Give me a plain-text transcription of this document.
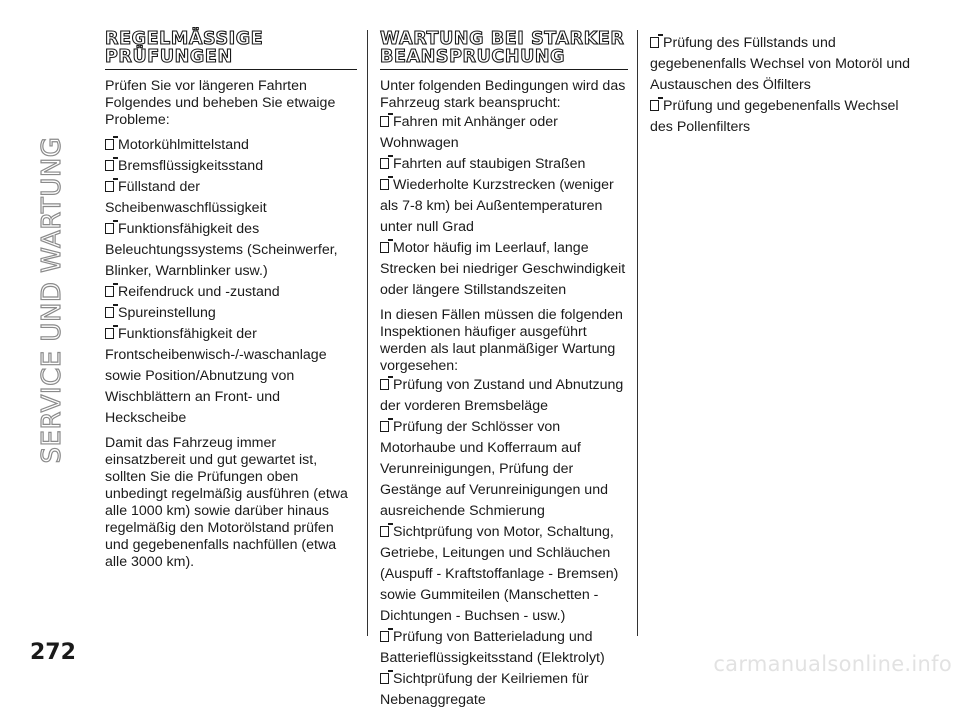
SERVICE UND WARTUNG
272
REGELMÄSSIGE PRÜFUNGEN

Prüfen Sie vor längeren Fahrten Folgendes und beheben Sie etwaige Probleme:

Motorkühlmittelstand
Bremsflüssigkeitsstand
Füllstand der Scheibenwaschflüssigkeit
Funktionsfähigkeit des Beleuchtungssystems (Scheinwerfer, Blinker, Warnblinker usw.)
Reifendruck und -zustand
Spureinstellung
Funktionsfähigkeit der Frontscheibenwisch-/-waschanlage sowie Position/Abnutzung von Wischblättern an Front- und Heckscheibe

Damit das Fahrzeug immer einsatzbereit und gut gewartet ist, sollten Sie die Prüfungen oben unbedingt regelmäßig ausführen (etwa alle 1000 km) sowie darüber hinaus regelmäßig den Motorölstand prüfen und gegebenenfalls nachfüllen (etwa alle 3000 km).

WARTUNG BEI STARKER BEANSPRUCHUNG

Unter folgenden Bedingungen wird das Fahrzeug stark beansprucht:

Fahren mit Anhänger oder Wohnwagen
Fahrten auf staubigen Straßen
Wiederholte Kurzstrecken (weniger als 7-8 km) bei Außentemperaturen unter null Grad
Motor häufig im Leerlauf, lange Strecken bei niedriger Geschwindigkeit oder längere Stillstandszeiten

In diesen Fällen müssen die folgenden Inspektionen häufiger ausgeführt werden als laut planmäßiger Wartung vorgesehen:

Prüfung von Zustand und Abnutzung der vorderen Bremsbeläge
Prüfung der Schlösser von Motorhaube und Kofferraum auf Verunreinigungen, Prüfung der Gestänge auf Verunreinigungen und ausreichende Schmierung
Sichtprüfung von Motor, Schaltung, Getriebe, Leitungen und Schläuchen (Auspuff - Kraftstoffanlage - Bremsen) sowie Gummiteilen (Manschetten - Dichtungen - Buchsen - usw.)
Prüfung von Batterieladung und Batterieflüssigkeitsstand (Elektrolyt)
Sichtprüfung der Keilriemen für Nebenaggregate
Prüfung des Füllstands und gegebenenfalls Wechsel von Motoröl und Austauschen des Ölfilters
Prüfung und gegebenenfalls Wechsel des Pollenfilters
carmanualsonline.info
